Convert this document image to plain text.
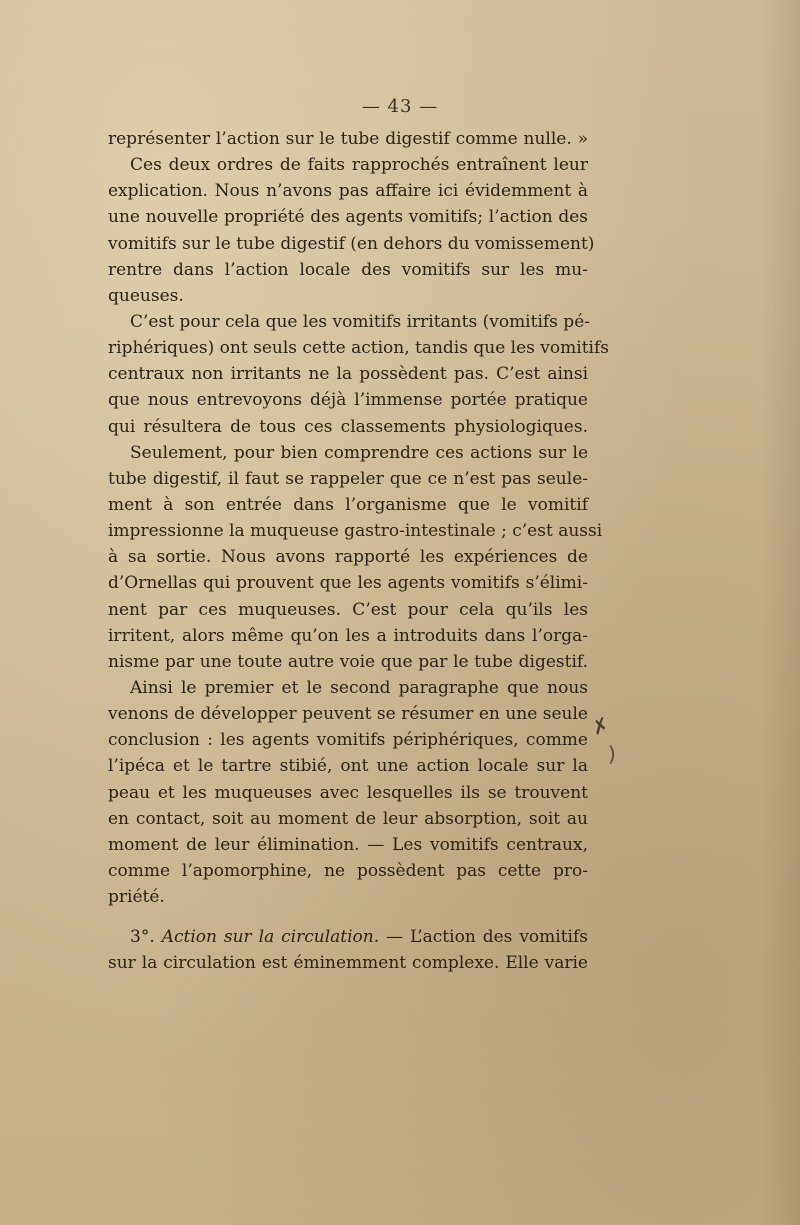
— 43 —
représenter l’action sur le tube digestif comme nulle. »
Ces deux ordres de faits rapprochés entraînent leur
explication. Nous n’avons pas affaire ici évidemment à
une nouvelle propriété des agents vomitifs; l’action des
vomitifs sur le tube digestif (en dehors du vomissement)
rentre dans l’action locale des vomitifs sur les mu-
queuses.
C’est pour cela que les vomitifs irritants (vomitifs pé-
riphériques) ont seuls cette action, tandis que les vomitifs
centraux non irritants ne la possèdent pas. C’est ainsi
que nous entrevoyons déjà l’immense portée pratique
qui résultera de tous ces classements physiologiques.
Seulement, pour bien comprendre ces actions sur le
tube digestif, il faut se rappeler que ce n’est pas seule-
ment à son entrée dans l’organisme que le vomitif
impressionne la muqueuse gastro-intestinale ; c’est aussi
à sa sortie. Nous avons rapporté les expériences de
d’Ornellas qui prouvent que les agents vomitifs s’élimi-
nent par ces muqueuses. C’est pour cela qu’ils les
irritent, alors même qu’on les a introduits dans l’orga-
nisme par une toute autre voie que par le tube digestif.
Ainsi le premier et le second paragraphe que nous
venons de développer peuvent se résumer en une seule
conclusion : les agents vomitifs périphériques, comme
l’ipéca et le tartre stibié, ont une action locale sur la
peau et les muqueuses avec lesquelles ils se trouvent
en contact, soit au moment de leur absorption, soit au
moment de leur élimination. — Les vomitifs centraux,
comme l’apomorphine, ne possèdent pas cette pro-
priété.
3°. Action sur la circulation. — L’action des vomitifs
sur la circulation est éminemment complexe. Elle varie
✗
)
